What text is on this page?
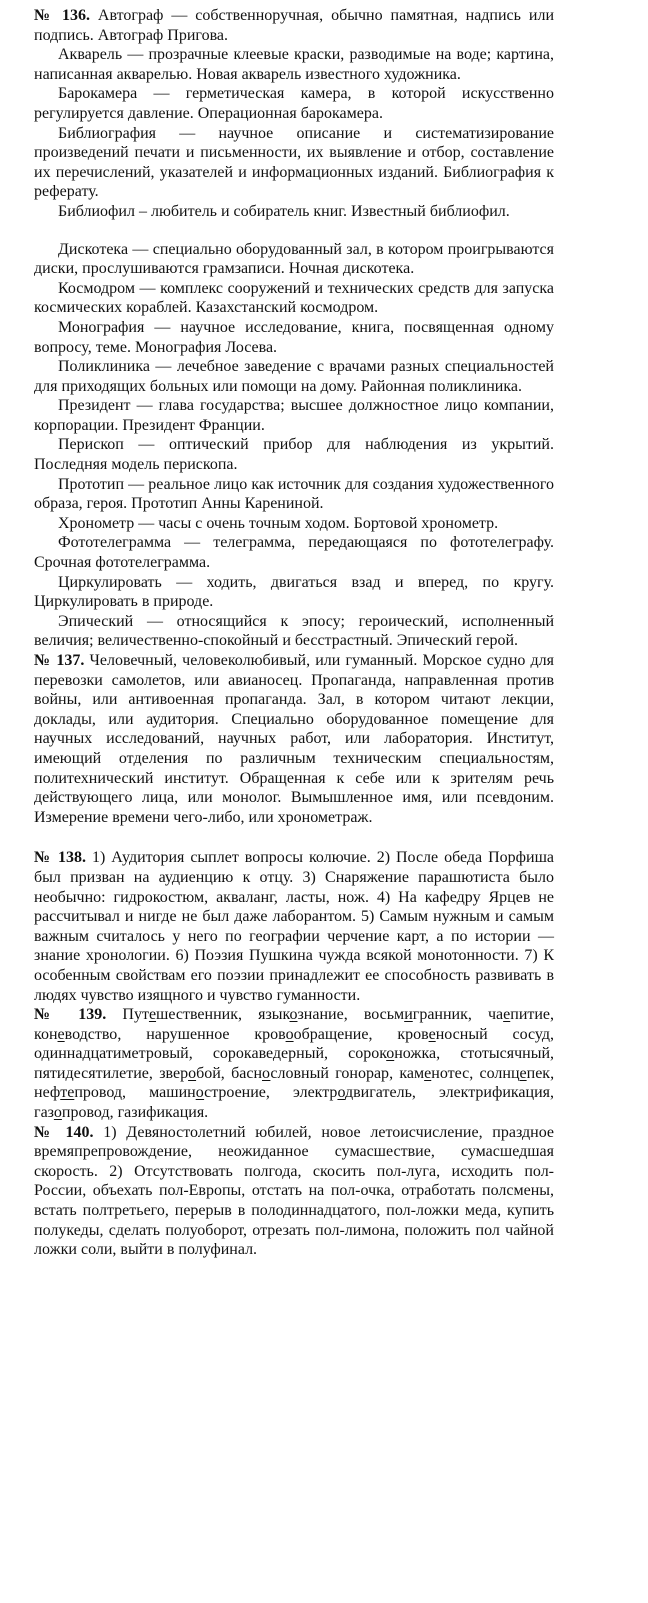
№ 136. Автограф — собственноручная, обычно памятная, надпись или подпись. Автограф Пригова.

Акварель — прозрачные клеевые краски, разводимые на воде; картина, написанная акварелью. Новая акварель известного художника.

Барокамера — герметическая камера, в которой искусственно регулируется давление. Операционная барокамера.

Библиография — научное описание и систематизирование произведений печати и письменности, их выявление и отбор, составление их перечислений, указателей и информационных изданий. Библиография к реферату.

Библиофил – любитель и собиратель книг. Известный библиофил.

Дискотека — специально оборудованный зал, в котором проигрываются диски, прослушиваются грамзаписи. Ночная дискотека.

Космодром — комплекс сооружений и технических средств для запуска космических кораблей. Казахстанский космодром.

Монография — научное исследование, книга, посвященная одному вопросу, теме. Монография Лосева.

Поликлиника — лечебное заведение с врачами разных специальностей для приходящих больных или помощи на дому. Районная поликлиника.

Президент — глава государства; высшее должностное лицо компании, корпорации. Президент Франции.

Перископ — оптический прибор для наблюдения из укрытий. Последняя модель перископа.

Прототип — реальное лицо как источник для создания художественного образа, героя. Прототип Анны Карениной.

Хронометр — часы с очень точным ходом. Бортовой хронометр.

Фототелеграмма — телеграмма, передающаяся по фототелеграфу. Срочная фототелеграмма.

Циркулировать — ходить, двигаться взад и вперед, по кругу. Циркулировать в природе.

Эпический — относящийся к эпосу; героический, исполненный величия; величественно-спокойный и бесстрастный. Эпический герой.

№ 137. Человечный, человеколюбивый, или гуманный. Морское судно для перевозки самолетов, или авианосец. Пропаганда, направленная против войны, или антивоенная пропаганда. Зал, в котором читают лекции, доклады, или аудитория. Специально оборудованное помещение для научных исследований, научных работ, или лаборатория. Институт, имеющий отделения по различным техническим специальностям, политехнический институт. Обращенная к себе или к зрителям речь действующего лица, или монолог. Вымышленное имя, или псевдоним. Измерение времени чего-либо, или хронометраж.

№ 138. 1) Аудитория сыплет вопросы колючие. 2) После обеда Порфиша был призван на аудиенцию к отцу. 3) Снаряжение парашютиста было необычно: гидрокостюм, акваланг, ласты, нож. 4) На кафедру Ярцев не рассчитывал и нигде не был даже лаборантом. 5) Самым нужным и самым важным считалось у него по географии черчение карт, а по истории — знание хронологии. 6) Поэзия Пушкина чужда всякой монотонности. 7) К особенным свойствам его поэзии принадлежит ее способность развивать в людях чувство изящного и чувство гуманности.

№ 139. Путешественник, языкознание, восьмигранник, чаепитие, коневодство, нарушенное кровообращение, кровеносный сосуд, одиннадцатиметровый, сорокаведерный, сороконожка, стотысячный, пятидесятилетие, зверобой, баснословный гонорар, каменотес, солнцепек, нефтепровод, машиностроение, электродвигатель, электрификация, газопровод, газификация.

№ 140. 1) Девяностолетний юбилей, новое летоисчисление, праздное времяпрепровождение, неожиданное сумасшествие, сумасшедшая скорость. 2) Отсутствовать полгода, скосить пол-луга, исходить пол-России, объехать пол-Европы, отстать на пол-очка, отработать полсмены, встать полтретьего, перерыв в полодиннадцатого, пол-ложки меда, купить полукеды, сделать полуоборот, отрезать пол-лимона, положить пол чайной ложки соли, выйти в полуфинал.
